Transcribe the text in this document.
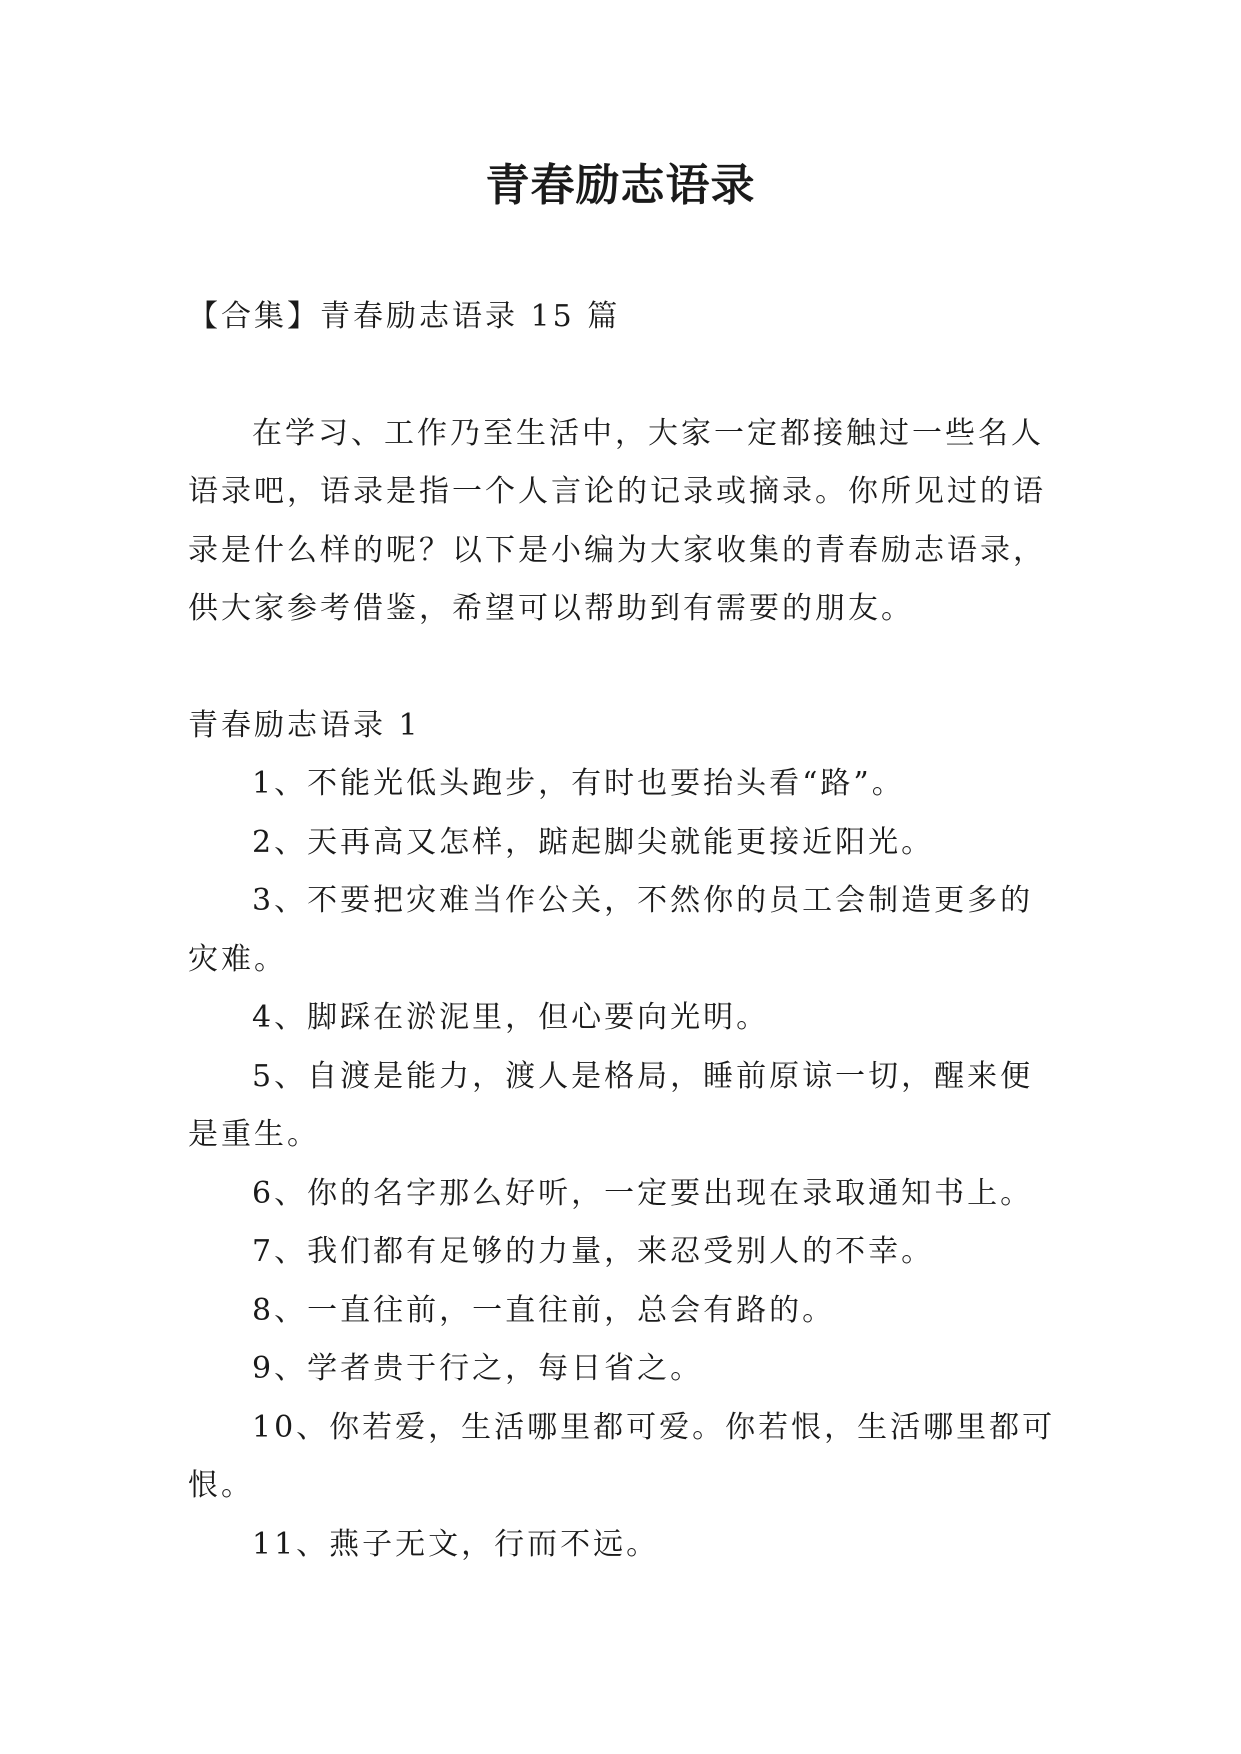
青春励志语录

【合集】青春励志语录 15 篇

在学习、工作乃至生活中，大家一定都接触过一些名人语录吧，语录是指一个人言论的记录或摘录。你所见过的语录是什么样的呢？以下是小编为大家收集的青春励志语录，供大家参考借鉴，希望可以帮助到有需要的朋友。

青春励志语录 1

1、不能光低头跑步，有时也要抬头看“路”。

2、天再高又怎样，踮起脚尖就能更接近阳光。

3、不要把灾难当作公关，不然你的员工会制造更多的灾难。

4、脚踩在淤泥里，但心要向光明。

5、自渡是能力，渡人是格局，睡前原谅一切，醒来便是重生。

6、你的名字那么好听，一定要出现在录取通知书上。

7、我们都有足够的力量，来忍受别人的不幸。

8、一直往前，一直往前，总会有路的。

9、学者贵于行之，每日省之。

10、你若爱，生活哪里都可爱。你若恨，生活哪里都可恨。

11、燕子无文，行而不远。
